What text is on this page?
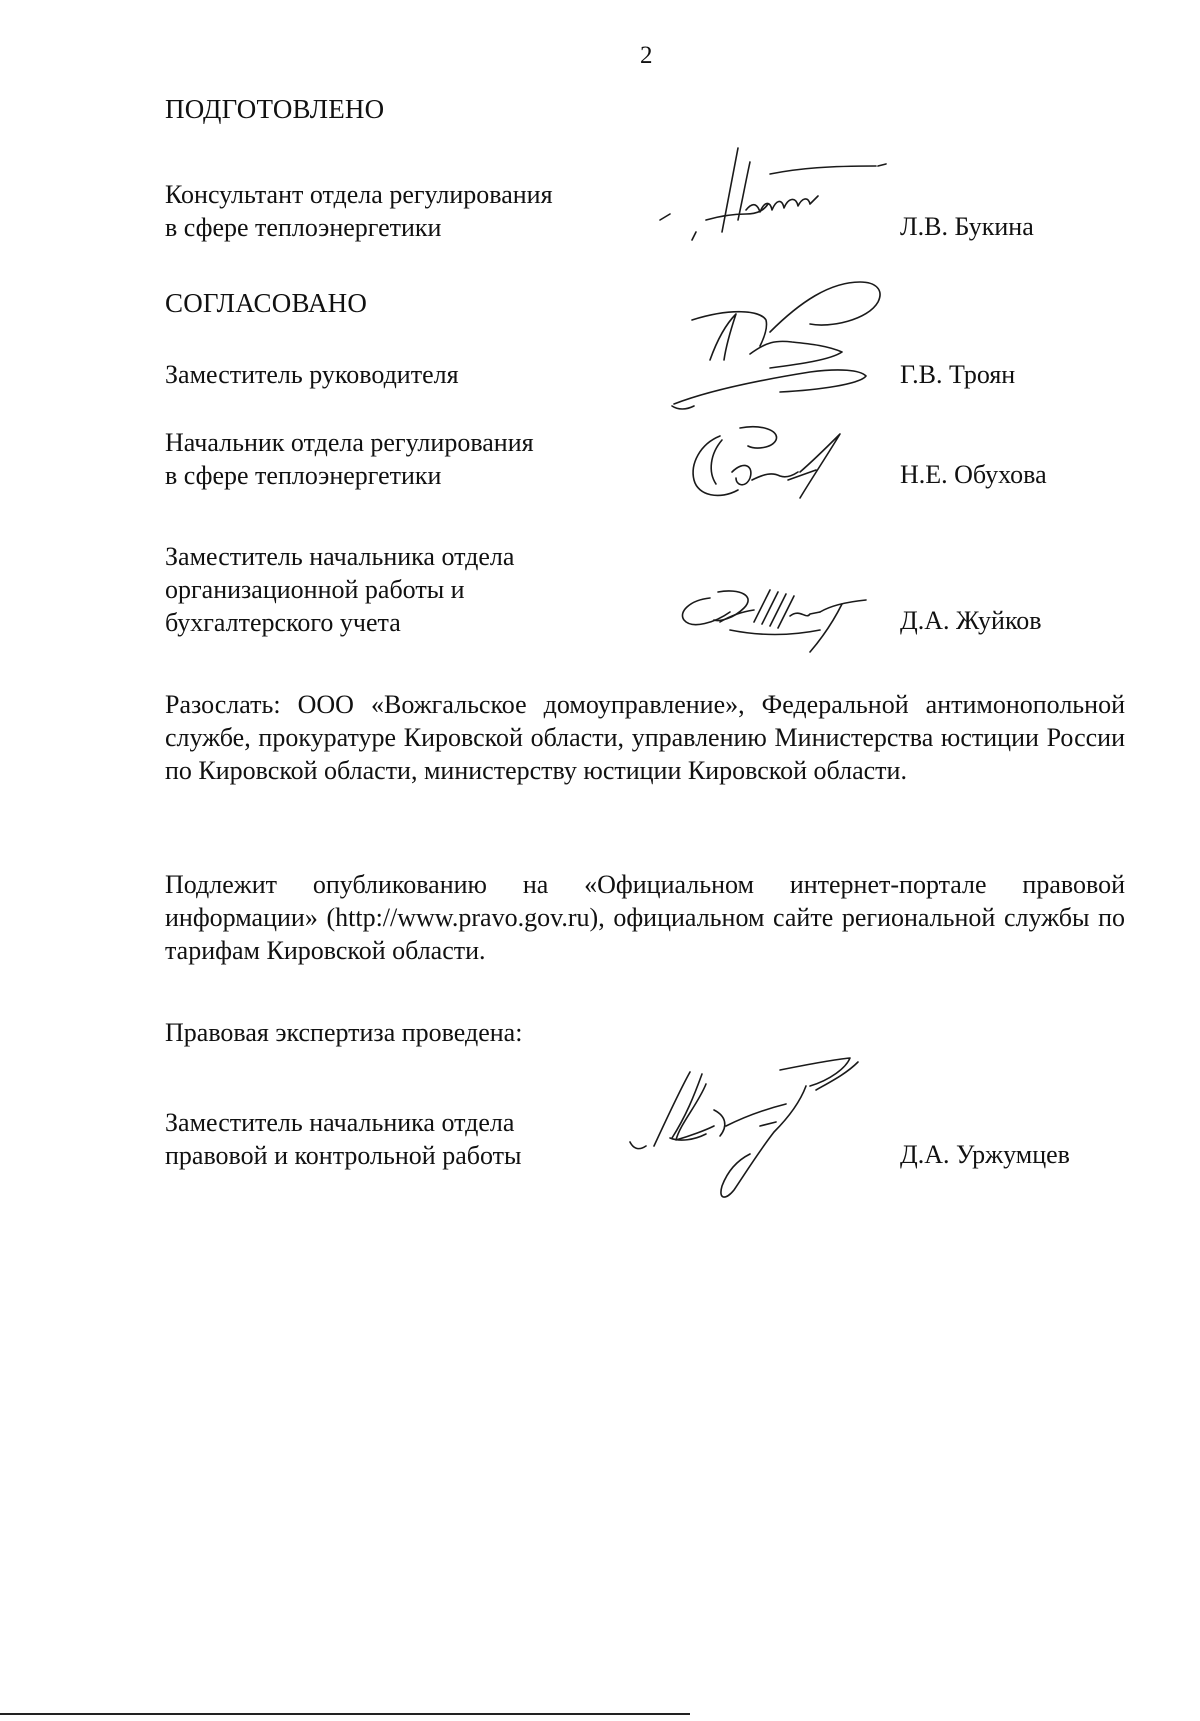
2
ПОДГОТОВЛЕНО
Консультант отдела регулирования
в сфере теплоэнергетики	Л.В. Букина
СОГЛАСОВАНО
Заместитель руководителя	Г.В. Троян
Начальник отдела регулирования
в сфере теплоэнергетики	Н.Е. Обухова
Заместитель начальника отдела
организационной работы и
бухгалтерского учета	Д.А. Жуйков
Разослать: ООО «Вожгальское домоуправление», Федеральной антимонопольной службе, прокуратуре Кировской области, управлению Министерства юстиции России по Кировской области, министерству юстиции Кировской области.
Подлежит опубликованию на «Официальном интернет-портале правовой информации» (http://www.pravo.gov.ru), официальном сайте региональной службы по тарифам Кировской области.
Правовая экспертиза проведена:
Заместитель начальника отдела
правовой и контрольной работы	Д.А. Уржумцев
